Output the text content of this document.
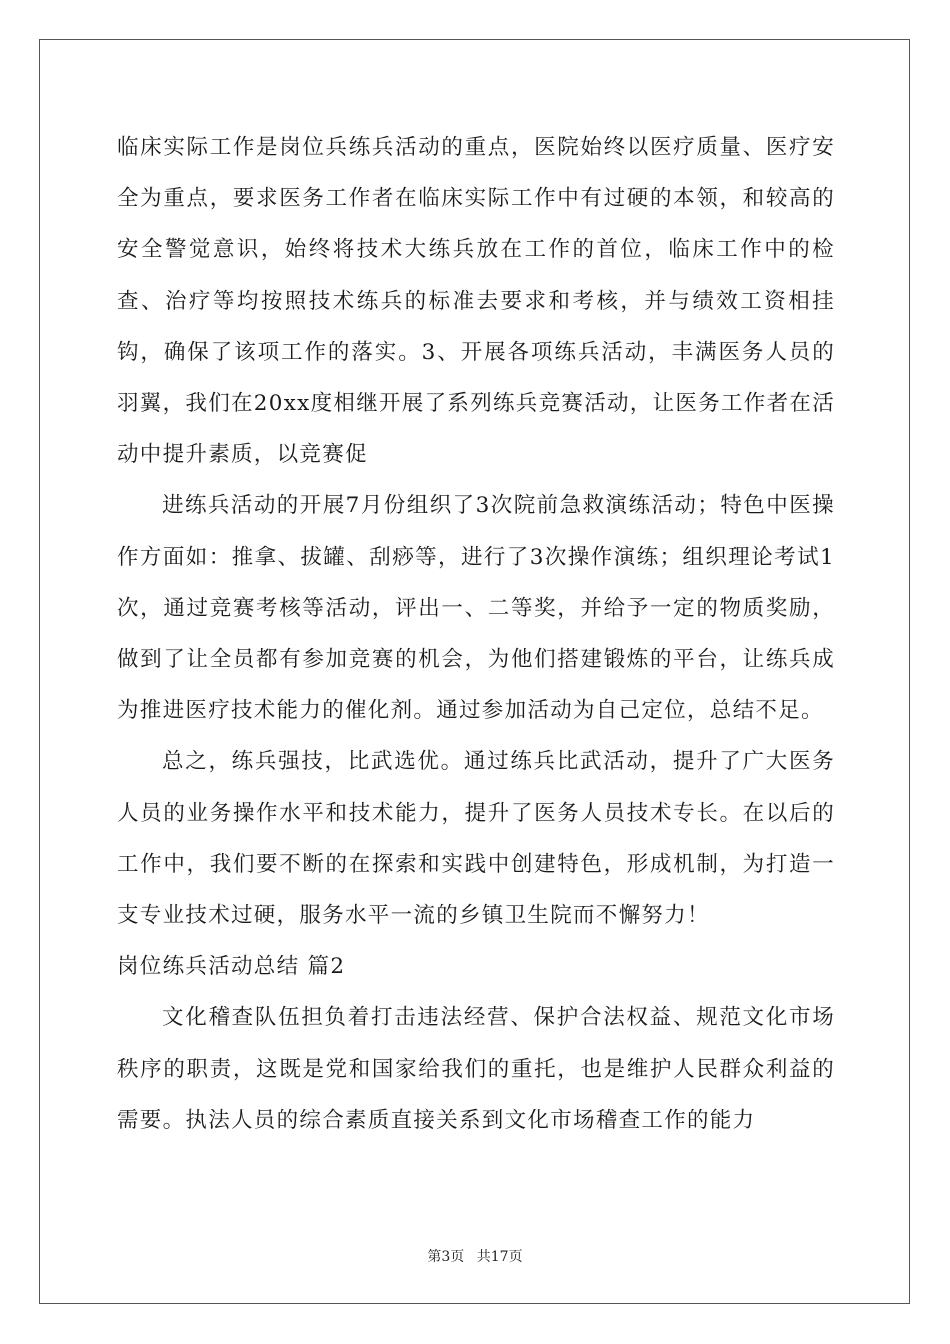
临床实际工作是岗位兵练兵活动的重点，医院始终以医疗质量、医疗安全为重点，要求医务工作者在临床实际工作中有过硬的本领，和较高的安全警觉意识，始终将技术大练兵放在工作的首位，临床工作中的检查、治疗等均按照技术练兵的标准去要求和考核，并与绩效工资相挂钩，确保了该项工作的落实。3、开展各项练兵活动，丰满医务人员的羽翼，我们在20xx度相继开展了系列练兵竞赛活动，让医务工作者在活动中提升素质，以竞赛促

进练兵活动的开展7月份组织了3次院前急救演练活动；特色中医操作方面如：推拿、拔罐、刮痧等，进行了3次操作演练；组织理论考试1次，通过竞赛考核等活动，评出一、二等奖，并给予一定的物质奖励，做到了让全员都有参加竞赛的机会，为他们搭建锻炼的平台，让练兵成为推进医疗技术能力的催化剂。通过参加活动为自己定位，总结不足。

总之，练兵强技，比武选优。通过练兵比武活动，提升了广大医务人员的业务操作水平和技术能力，提升了医务人员技术专长。在以后的工作中，我们要不断的在探索和实践中创建特色，形成机制，为打造一支专业技术过硬，服务水平一流的乡镇卫生院而不懈努力！

岗位练兵活动总结 篇2

文化稽查队伍担负着打击违法经营、保护合法权益、规范文化市场秩序的职责，这既是党和国家给我们的重托，也是维护人民群众利益的需要。执法人员的综合素质直接关系到文化市场稽查工作的能力

第3页 共17页
